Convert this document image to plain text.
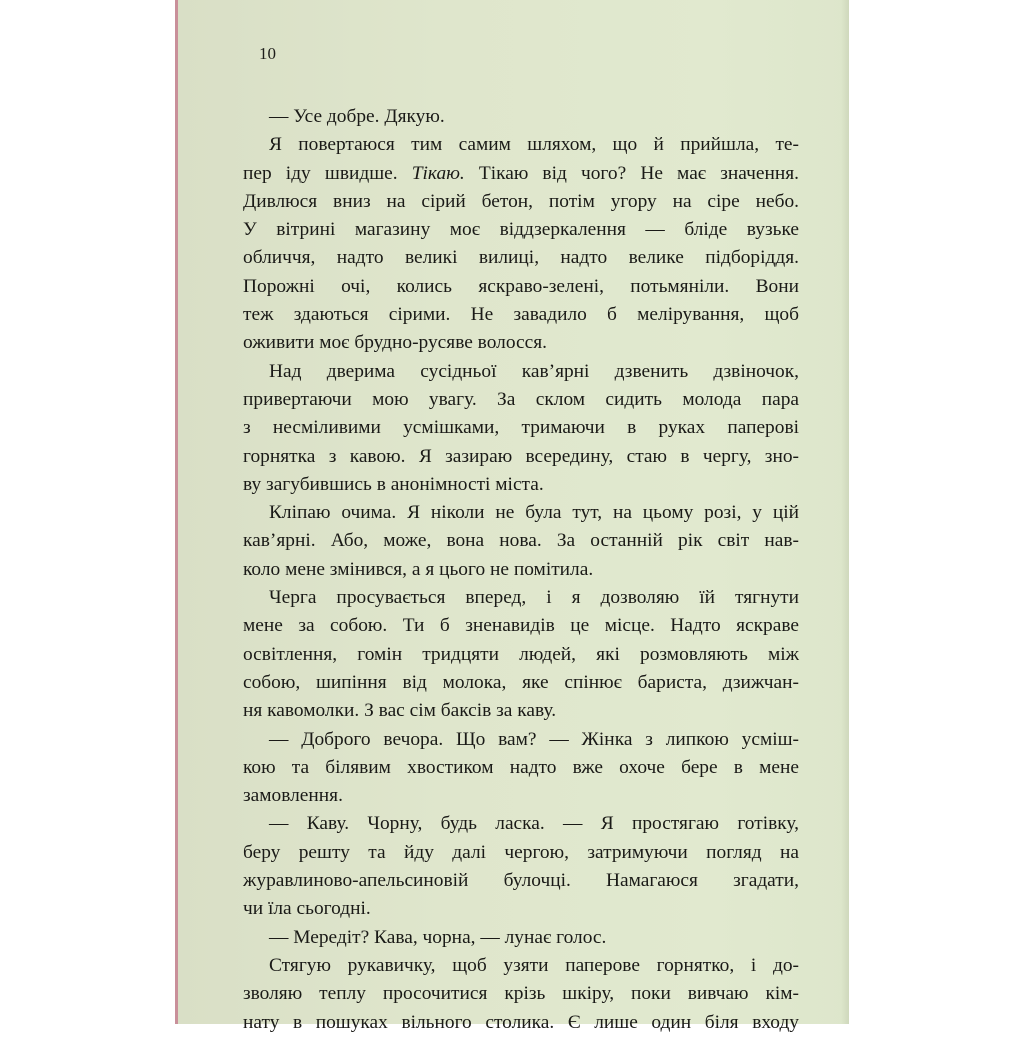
10
— Усе добре. Дякую.
Я повертаюся тим самим шляхом, що й прийшла, те-
пер іду швидше. Тікаю. Тікаю від чого? Не має значення.
Дивлюся вниз на сірий бетон, потім угору на сіре небо.
У вітрині магазину моє віддзеркалення — бліде вузьке
обличчя, надто великі вилиці, надто велике підборіддя.
Порожні очі, колись яскраво-зелені, потьмяніли. Вони
теж здаються сірими. Не завадило б мелірування, щоб
оживити моє брудно-русяве волосся.
Над дверима сусідньої кав’ярні дзвенить дзвіночок,
привертаючи мою увагу. За склом сидить молода пара
з несміливими усмішками, тримаючи в руках паперові
горнятка з кавою. Я зазираю всередину, стаю в чергу, зно-
ву загубившись в анонімності міста.
Кліпаю очима. Я ніколи не була тут, на цьому розі, у цій
кав’ярні. Або, може, вона нова. За останній рік світ нав-
коло мене змінився, а я цього не помітила.
Черга просувається вперед, і я дозволяю їй тягнути
мене за собою. Ти б зненавидів це місце. Надто яскраве
освітлення, гомін тридцяти людей, які розмовляють між
собою, шипіння від молока, яке спінює бариста, дзижчан-
ня кавомолки. З вас сім баксів за каву.
— Доброго вечора. Що вам? — Жінка з липкою усміш-
кою та білявим хвостиком надто вже охоче бере в мене
замовлення.
— Каву. Чорну, будь ласка. — Я простягаю готівку,
беру решту та йду далі чергою, затримуючи погляд на
журавлиново-апельсиновій булочці. Намагаюся згадати,
чи їла сьогодні.
— Мередіт? Кава, чорна, — лунає голос.
Стягую рукавичку, щоб узяти паперове горнятко, і до-
зволяю теплу просочитися крізь шкіру, поки вивчаю кім-
нату в пошуках вільного столика. Є лише один біля входу
